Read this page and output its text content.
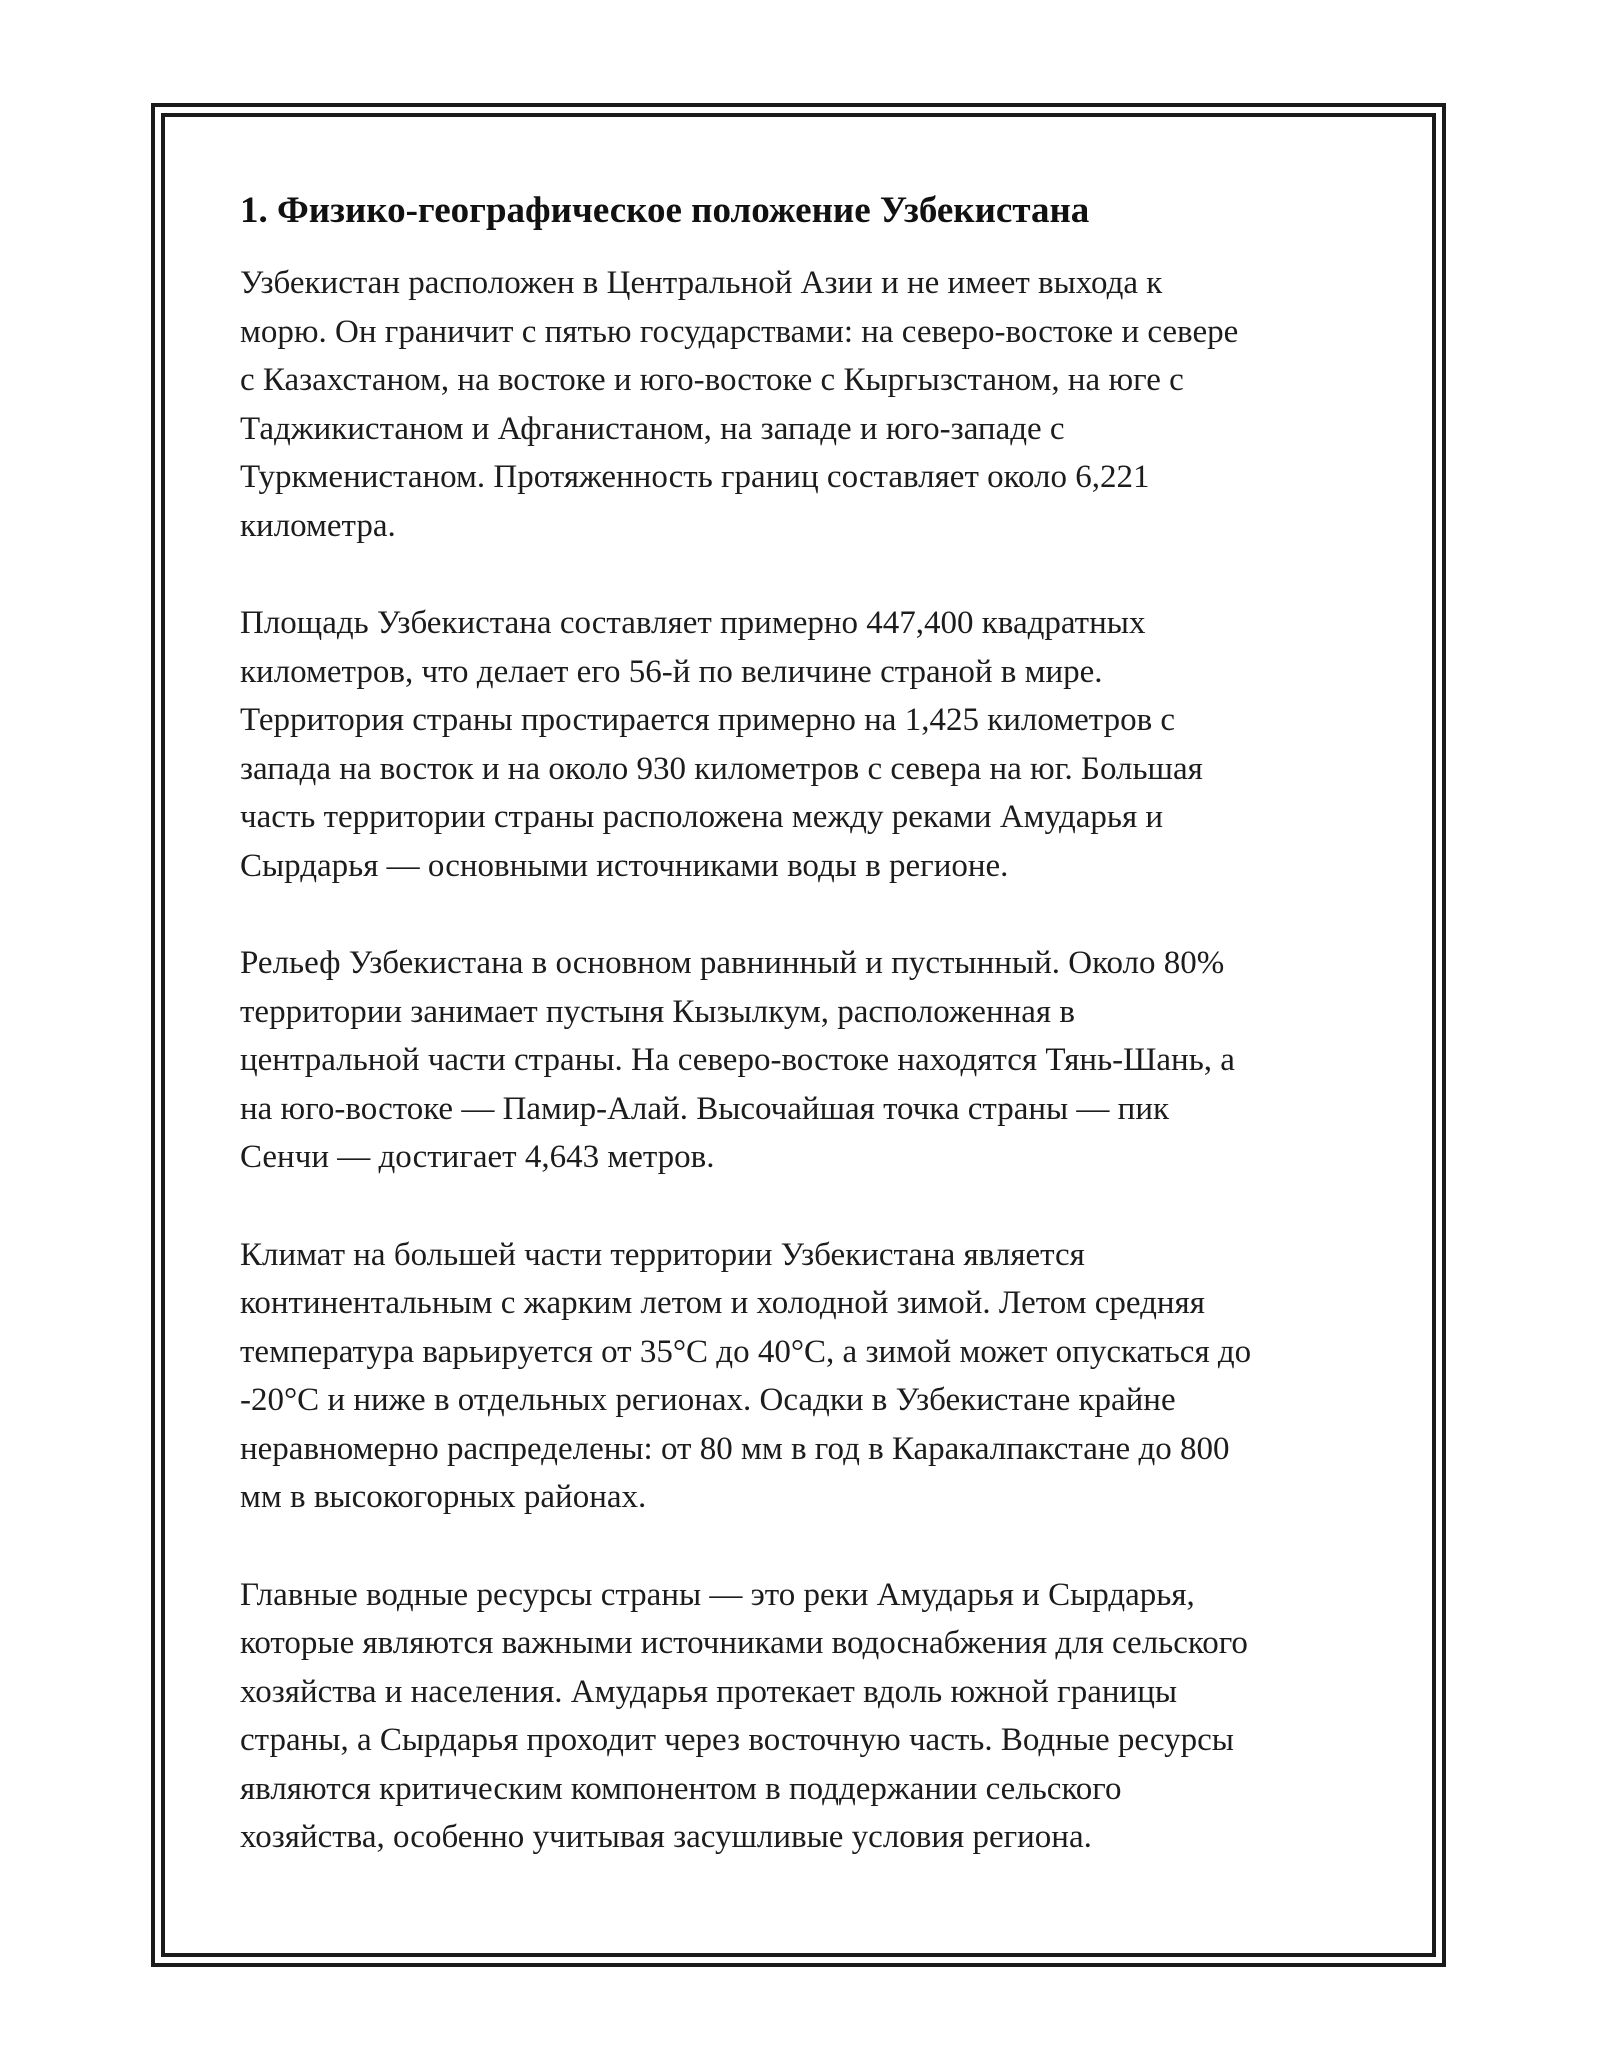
1. Физико-географическое положение Узбекистана

Узбекистан расположен в Центральной Азии и не имеет выхода к
морю. Он граничит с пятью государствами: на северо-востоке и севере
с Казахстаном, на востоке и юго-востоке с Кыргызстаном, на юге с
Таджикистаном и Афганистаном, на западе и юго-западе с
Туркменистаном. Протяженность границ составляет около 6,221
километра.

Площадь Узбекистана составляет примерно 447,400 квадратных
километров, что делает его 56-й по величине страной в мире.
Территория страны простирается примерно на 1,425 километров с
запада на восток и на около 930 километров с севера на юг. Большая
часть территории страны расположена между реками Амударья и
Сырдарья — основными источниками воды в регионе.

Рельеф Узбекистана в основном равнинный и пустынный. Около 80%
территории занимает пустыня Кызылкум, расположенная в
центральной части страны. На северо-востоке находятся Тянь-Шань, а
на юго-востоке — Памир-Алай. Высочайшая точка страны — пик
Сенчи — достигает 4,643 метров.

Климат на большей части территории Узбекистана является
континентальным с жарким летом и холодной зимой. Летом средняя
температура варьируется от 35°C до 40°C, а зимой может опускаться до
-20°C и ниже в отдельных регионах. Осадки в Узбекистане крайне
неравномерно распределены: от 80 мм в год в Каракалпакстане до 800
мм в высокогорных районах.

Главные водные ресурсы страны — это реки Амударья и Сырдарья,
которые являются важными источниками водоснабжения для сельского
хозяйства и населения. Амударья протекает вдоль южной границы
страны, а Сырдарья проходит через восточную часть. Водные ресурсы
являются критическим компонентом в поддержании сельского
хозяйства, особенно учитывая засушливые условия региона.
